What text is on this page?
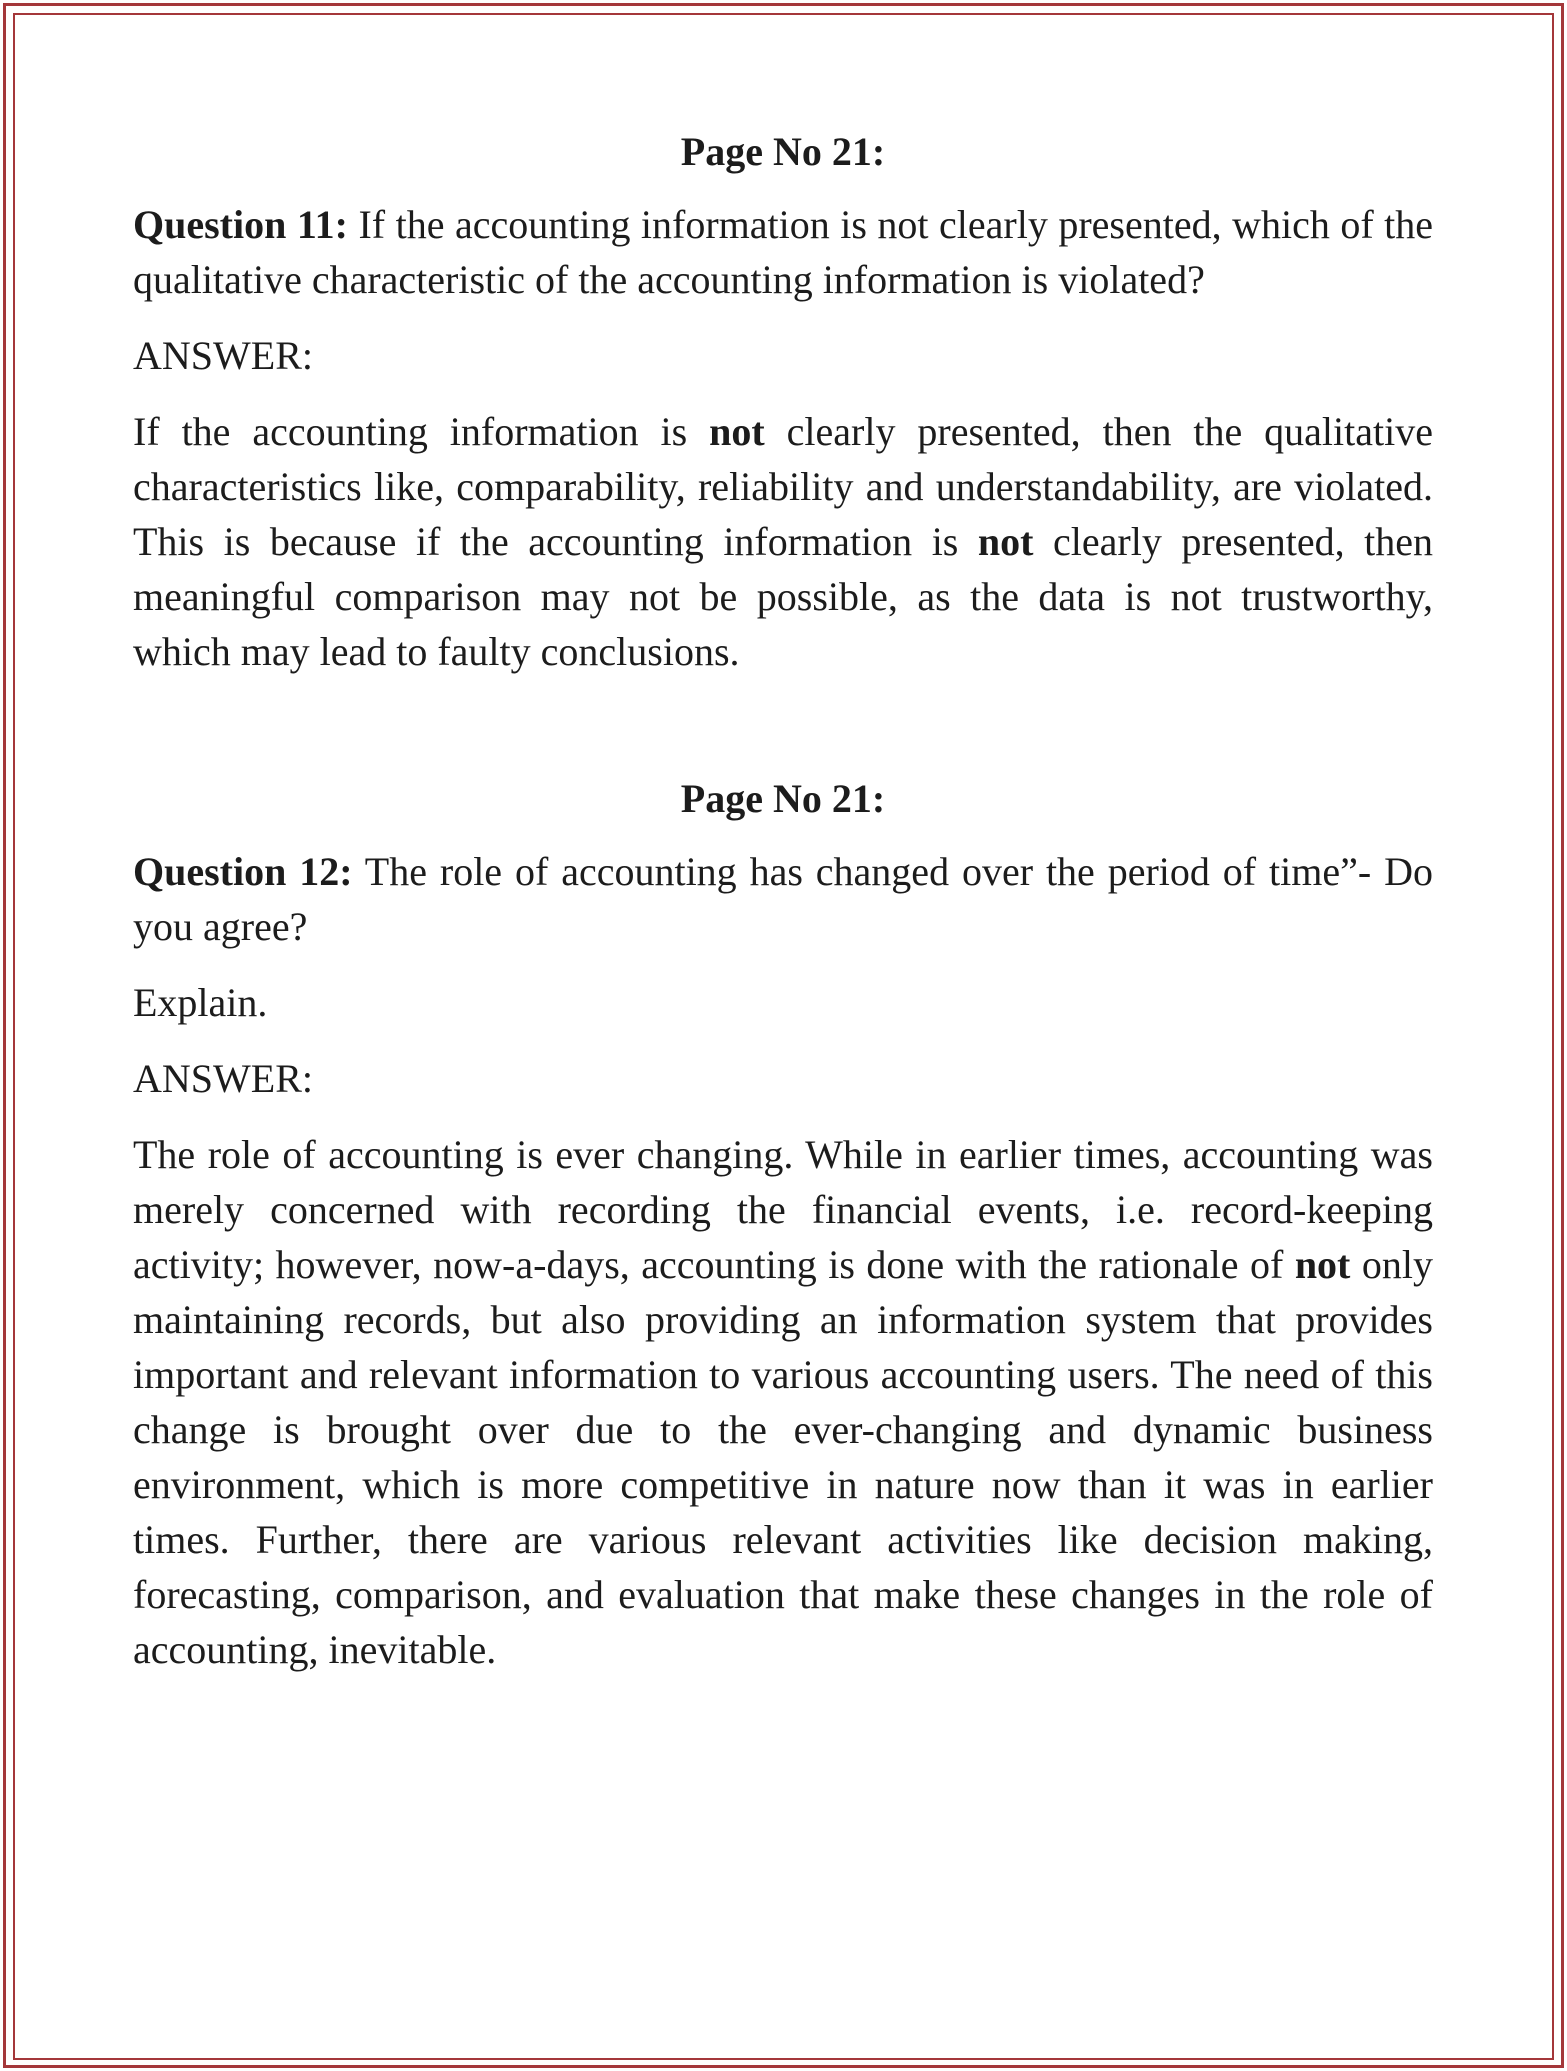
Page No 21:

Question 11: If the accounting information is not clearly presented, which of the qualitative characteristic of the accounting information is violated?

ANSWER:

If the accounting information is not clearly presented, then the qualitative characteristics like, comparability, reliability and understandability, are violated. This is because if the accounting information is not clearly presented, then meaningful comparison may not be possible, as the data is not trustworthy, which may lead to faulty conclusions.

Page No 21:

Question 12: The role of accounting has changed over the period of time”- Do you agree?

Explain.

ANSWER:

The role of accounting is ever changing. While in earlier times, accounting was merely concerned with recording the financial events, i.e. record-keeping activity; however, now-a-days, accounting is done with the rationale of not only maintaining records, but also providing an information system that provides important and relevant information to various accounting users. The need of this change is brought over due to the ever-changing and dynamic business environment, which is more competitive in nature now than it was in earlier times. Further, there are various relevant activities like decision making, forecasting, comparison, and evaluation that make these changes in the role of accounting, inevitable.
